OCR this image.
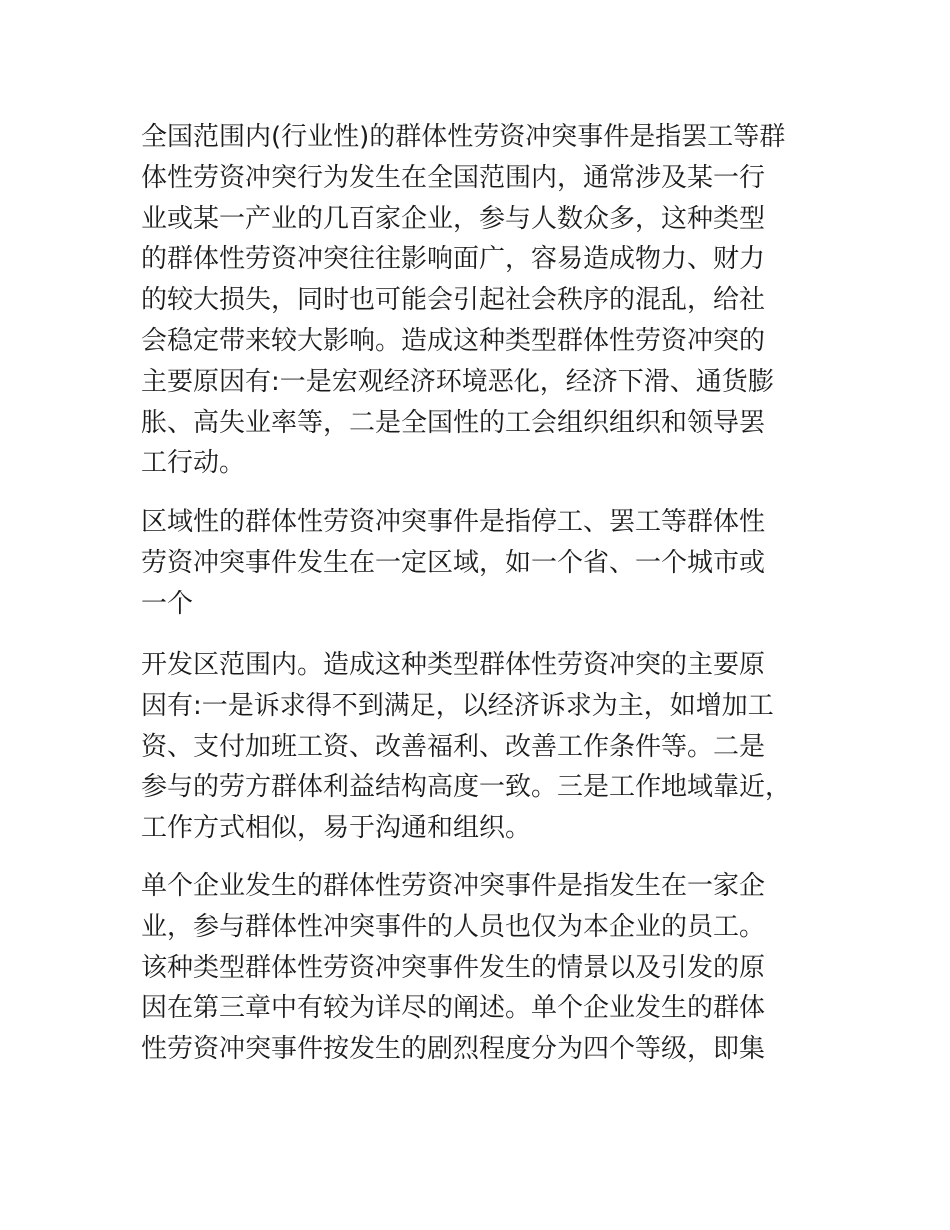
全国范围内(行业性)的群体性劳资冲突事件是指罢工等群
体性劳资冲突行为发生在全国范围内，通常涉及某一行
业或某一产业的几百家企业，参与人数众多，这种类型
的群体性劳资冲突往往影响面广，容易造成物力、财力
的较大损失，同时也可能会引起社会秩序的混乱，给社
会稳定带来较大影响。造成这种类型群体性劳资冲突的
主要原因有:一是宏观经济环境恶化，经济下滑、通货膨
胀、高失业率等，二是全国性的工会组织组织和领导罢
工行动。
区域性的群体性劳资冲突事件是指停工、罢工等群体性
劳资冲突事件发生在一定区域，如一个省、一个城市或
一个
开发区范围内。造成这种类型群体性劳资冲突的主要原
因有:一是诉求得不到满足，以经济诉求为主，如增加工
资、支付加班工资、改善福利、改善工作条件等。二是
参与的劳方群体利益结构高度一致。三是工作地域靠近，
工作方式相似，易于沟通和组织。
单个企业发生的群体性劳资冲突事件是指发生在一家企
业，参与群体性冲突事件的人员也仅为本企业的员工。
该种类型群体性劳资冲突事件发生的情景以及引发的原
因在第三章中有较为详尽的阐述。单个企业发生的群体
性劳资冲突事件按发生的剧烈程度分为四个等级，即集
